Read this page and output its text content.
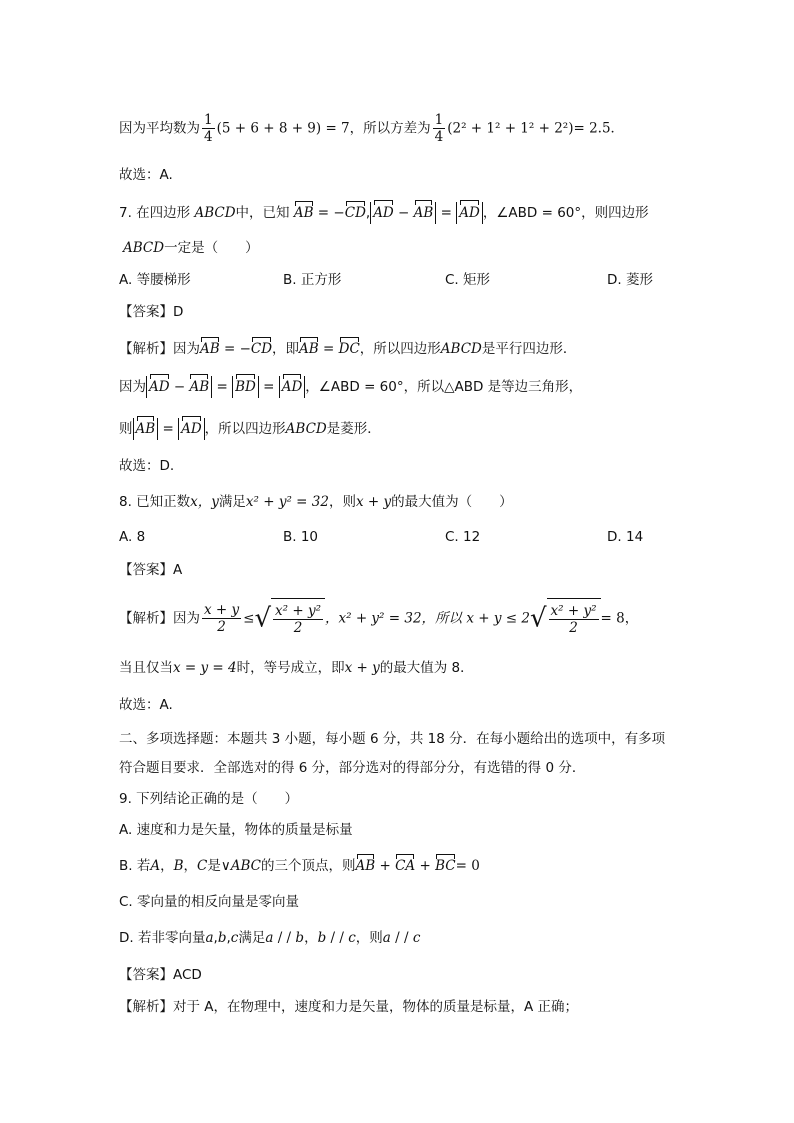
因为平均数为 $\frac{1}{4} (5 + 6 + 8 + 9) = 7$，所以方差为 $\frac{1}{4} (2^2 + 1^2 + 1^2 + 2^2)= 2.5$．
故选：A.
7. 在四边形 ABCD中，已知 AB = −CD, AD − AB = AD ，∠ABD = 60°，则四边形
ABCD一定是（　　）
A. 等腰梯形	B. 正方形	C. 矩形	D. 菱形
【答案】D
【解析】因为AB = −CD，即AB = DC，所以四边形ABCD是平行四边形．
因为 AD − AB = BD = AD ，∠ABD = 60°，所以△ABD 是等边三角形，
则 AB = AD ，所以四边形ABCD是菱形．
故选：D.
8. 已知正数x，y满足x² + y² = 32，则x + y的最大值为（　　）
A. 8	B. 10	C. 12	D. 14
【答案】A
【解析】因为 $\frac{x + y}{2}$ ≤√ $\frac{\text{x² + y²}}{2}$ ，x² + y² = 32，所以 $x + y \le 2√ \frac{\text{x² + y²}}{2} = 8$，
当且仅当x = y = 4时，等号成立，即x + y的最大值为 8．
故选：A.
二、多项选择题：本题共 3 小题，每小题 6 分，共 18 分．在每小题给出的选项中，有多项
符合题目要求．全部选对的得 6 分，部分选对的得部分分，有选错的得 0 分．
9. 下列结论正确的是（　　）
A. 速度和力是矢量，物体的质量是标量
B. 若A，B，C是∨ABC的三个顶点，则AB + CA + BC= 0
C. 零向量的相反向量是零向量
D. 若非零向量a,b,c满足a / / b，b / / c，则a / / c
【答案】ACD
【解析】对于 A，在物理中，速度和力是矢量，物体的质量是标量，A 正确；
